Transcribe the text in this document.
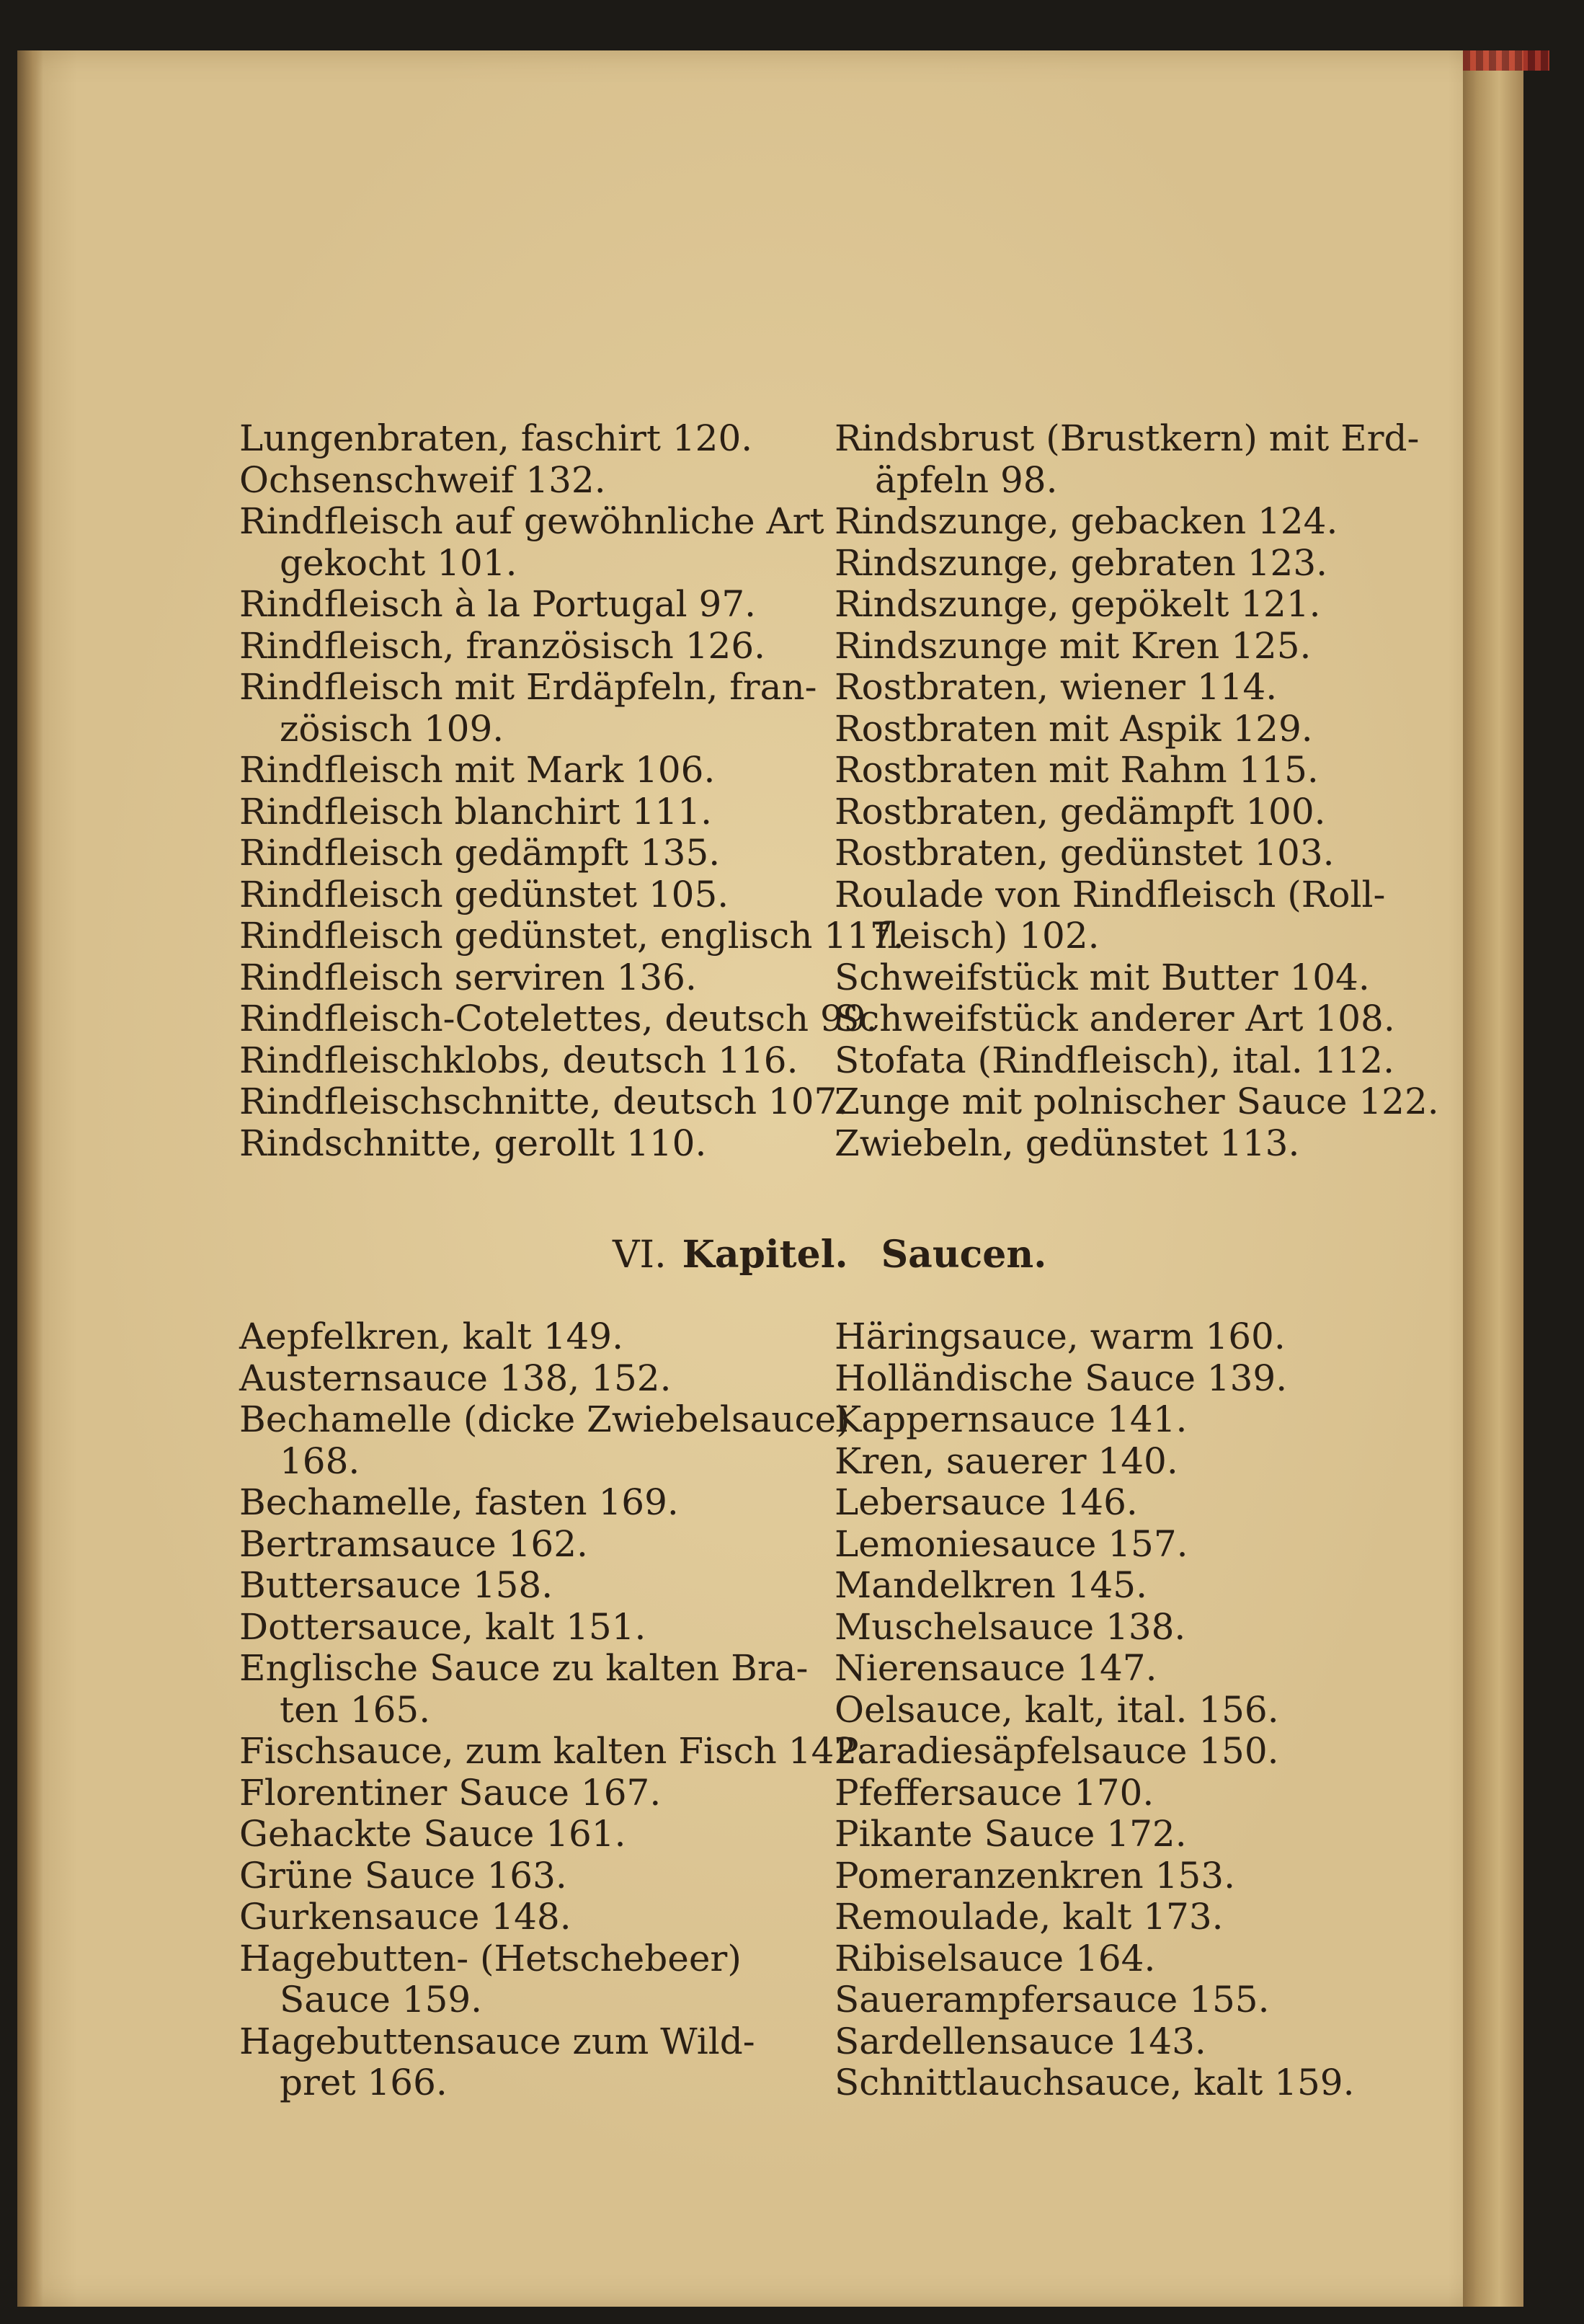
Lungenbraten, faschirt 120.
Ochsenschweif 132.
Rindfleisch auf gewöhnliche Art
gekocht 101.
Rindfleisch à la Portugal 97.
Rindfleisch, französisch 126.
Rindfleisch mit Erdäpfeln, fran-
zösisch 109.
Rindfleisch mit Mark 106.
Rindfleisch blanchirt 111.
Rindfleisch gedämpft 135.
Rindfleisch gedünstet 105.
Rindfleisch gedünstet, englisch 117.
Rindfleisch serviren 136.
Rindfleisch-Cotelettes, deutsch 99.
Rindfleischklobs, deutsch 116.
Rindfleischschnitte, deutsch 107.
Rindschnitte, gerollt 110.
Rindsbrust (Brustkern) mit Erd-
äpfeln 98.
Rindszunge, gebacken 124.
Rindszunge, gebraten 123.
Rindszunge, gepökelt 121.
Rindszunge mit Kren 125.
Rostbraten, wiener 114.
Rostbraten mit Aspik 129.
Rostbraten mit Rahm 115.
Rostbraten, gedämpft 100.
Rostbraten, gedünstet 103.
Roulade von Rindfleisch (Roll-
fleisch) 102.
Schweifstück mit Butter 104.
Schweifstück anderer Art 108.
Stofata (Rindfleisch), ital. 112.
Zunge mit polnischer Sauce 122.
Zwiebeln, gedünstet 113.
VI. Kapitel. Saucen.
Aepfelkren, kalt 149.
Austernsauce 138, 152.
Bechamelle (dicke Zwiebelsauce)
168.
Bechamelle, fasten 169.
Bertramsauce 162.
Buttersauce 158.
Dottersauce, kalt 151.
Englische Sauce zu kalten Bra-
ten 165.
Fischsauce, zum kalten Fisch 142.
Florentiner Sauce 167.
Gehackte Sauce 161.
Grüne Sauce 163.
Gurkensauce 148.
Hagebutten- (Hetschebeer)
Sauce 159.
Hagebuttensauce zum Wild-
pret 166.
Häringsauce, warm 160.
Holländische Sauce 139.
Kappernsauce 141.
Kren, sauerer 140.
Lebersauce 146.
Lemoniesauce 157.
Mandelkren 145.
Muschelsauce 138.
Nierensauce 147.
Oelsauce, kalt, ital. 156.
Paradiesäpfelsauce 150.
Pfeffersauce 170.
Pikante Sauce 172.
Pomeranzenkren 153.
Remoulade, kalt 173.
Ribiselsauce 164.
Sauerampfersauce 155.
Sardellensauce 143.
Schnittlauchsauce, kalt 159.
